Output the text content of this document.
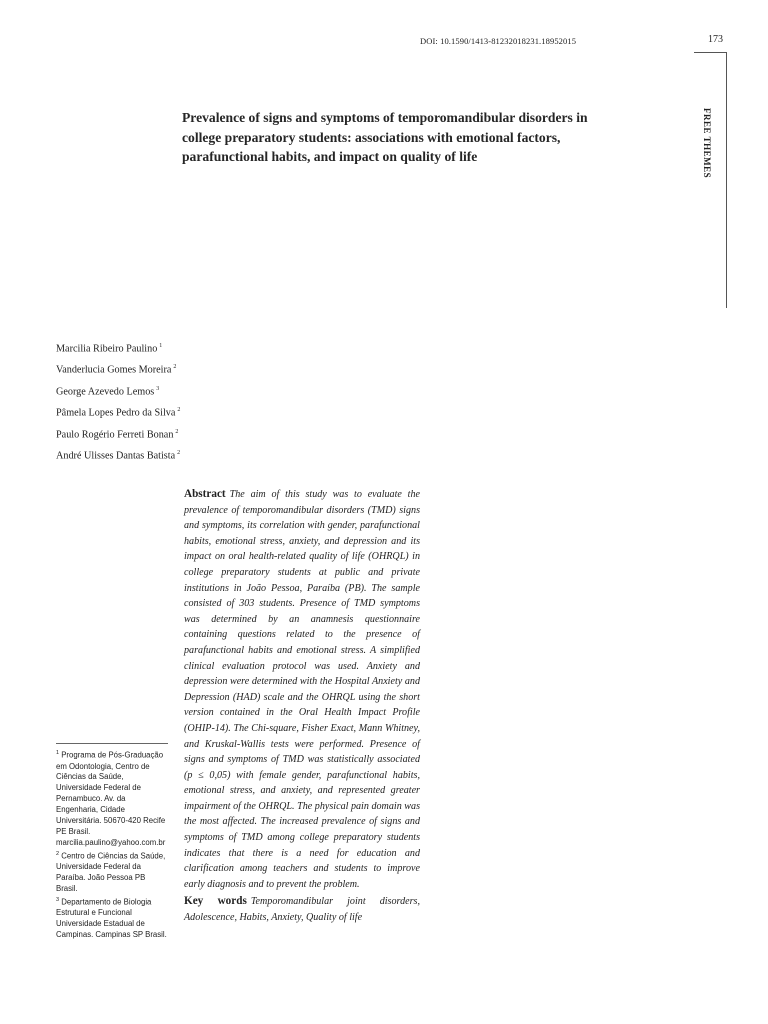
DOI: 10.1590/1413-81232018231.18952015	173
FREE THEMES
Prevalence of signs and symptoms of temporomandibular disorders in college preparatory students: associations with emotional factors, parafunctional habits, and impact on quality of life
Marcilia Ribeiro Paulino $^1$
Vanderlucia Gomes Moreira $^2$
George Azevedo Lemos $^3$
Pâmela Lopes Pedro da Silva $^2$
Paulo Rogério Ferreti Bonan $^2$
André Ulisses Dantas Batista $^2$
Abstract The aim of this study was to evaluate the prevalence of temporomandibular disorders (TMD) signs and symptoms, its correlation with gender, parafunctional habits, emotional stress, anxiety, and depression and its impact on oral health-related quality of life (OHRQL) in college preparatory students at public and private institutions in João Pessoa, Paraíba (PB). The sample consisted of 303 students. Presence of TMD symptoms was determined by an anamnesis questionnaire containing questions related to the presence of parafunctional habits and emotional stress. A simplified clinical evaluation protocol was used. Anxiety and depression were determined with the Hospital Anxiety and Depression (HAD) scale and the OHRQL using the short version contained in the Oral Health Impact Profile (OHIP-14). The Chi-square, Fisher Exact, Mann Whitney, and Kruskal-Wallis tests were performed. Presence of signs and symptoms of TMD was statistically associated (p ≤ 0,05) with female gender, parafunctional habits, emotional stress, and anxiety, and represented greater impairment of the OHRQL. The physical pain domain was the most affected. The increased prevalence of signs and symptoms of TMD among college preparatory students indicates that there is a need for education and clarification among teachers and students to improve early diagnosis and to prevent the problem.
Key words Temporomandibular joint disorders, Adolescence, Habits, Anxiety, Quality of life

$^1$ Programa de Pós-Graduação em Odontologia, Centro de Ciências da Saúde, Universidade Federal de Pernambuco. Av. da Engenharia, Cidade Universitária. 50670-420 Recife PE Brasil. marcilia.paulino@yahoo.com.br

$^2$ Centro de Ciências da Saúde, Universidade Federal da Paraíba. João Pessoa PB Brasil.

$^3$ Departamento de Biologia Estrutural e Funcional Universidade Estadual de Campinas. Campinas SP Brasil.
